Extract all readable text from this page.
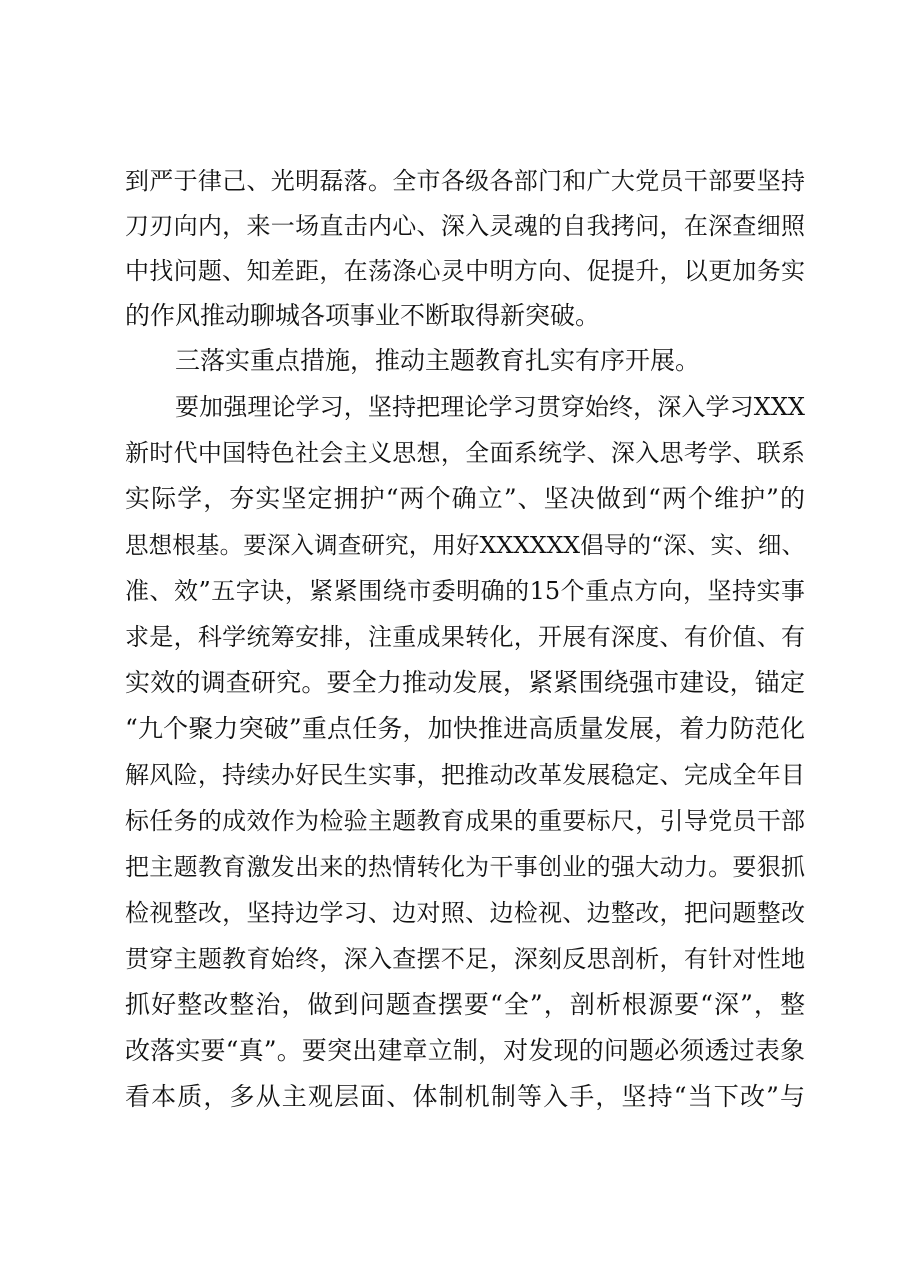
到严于律己、光明磊落。全市各级各部门和广大党员干部要坚持
刀刃向内，来一场直击内心、深入灵魂的自我拷问，在深查细照
中找问题、知差距，在荡涤心灵中明方向、促提升，以更加务实
的作风推动聊城各项事业不断取得新突破。
三落实重点措施，推动主题教育扎实有序开展。
要加强理论学习，坚持把理论学习贯穿始终，深入学习XXX
新时代中国特色社会主义思想，全面系统学、深入思考学、联系
实际学，夯实坚定拥护“两个确立”、坚决做到“两个维护”的
思想根基。要深入调查研究，用好XXXXXX倡导的“深、实、细、
准、效”五字诀，紧紧围绕市委明确的15个重点方向，坚持实事
求是，科学统筹安排，注重成果转化，开展有深度、有价值、有
实效的调查研究。要全力推动发展，紧紧围绕强市建设，锚定
“九个聚力突破”重点任务，加快推进高质量发展，着力防范化
解风险，持续办好民生实事，把推动改革发展稳定、完成全年目
标任务的成效作为检验主题教育成果的重要标尺，引导党员干部
把主题教育激发出来的热情转化为干事创业的强大动力。要狠抓
检视整改，坚持边学习、边对照、边检视、边整改，把问题整改
贯穿主题教育始终，深入查摆不足，深刻反思剖析，有针对性地
抓好整改整治，做到问题查摆要“全”，剖析根源要“深”，整
改落实要“真”。要突出建章立制，对发现的问题必须透过表象
看本质，多从主观层面、体制机制等入手，坚持“当下改”与
